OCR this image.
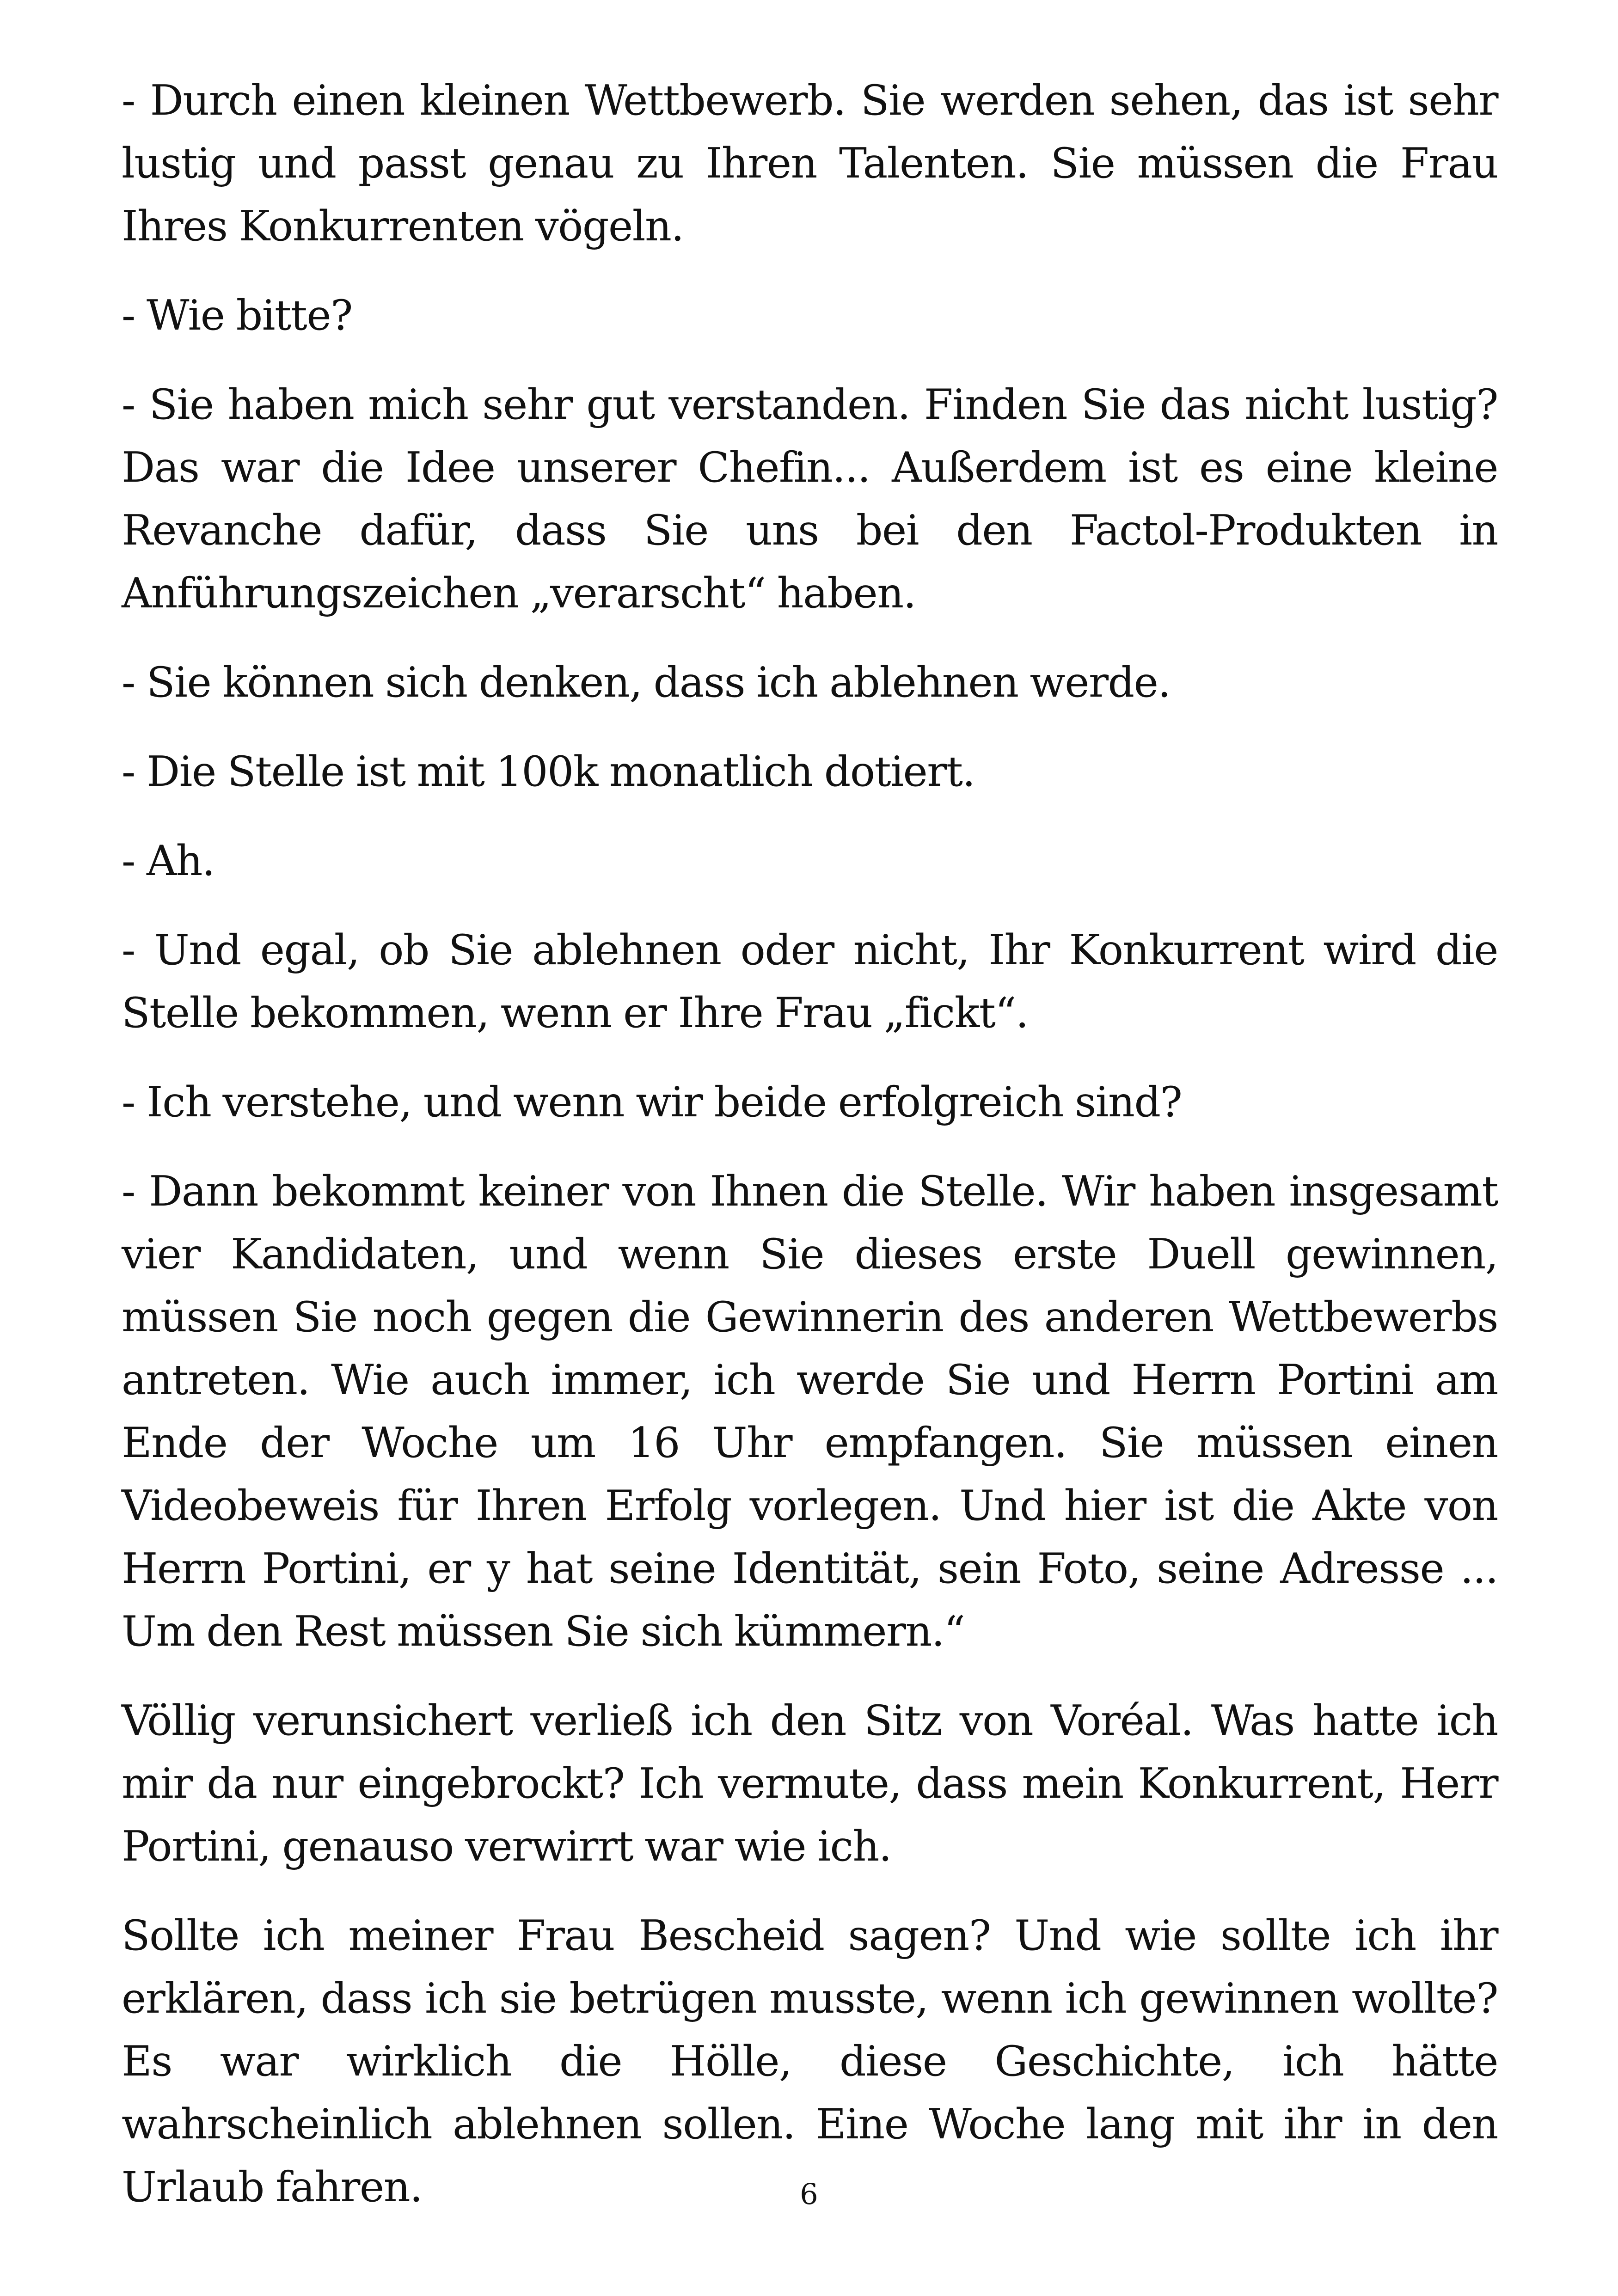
- Durch einen kleinen Wettbewerb. Sie werden sehen, das ist sehr lustig und passt genau zu Ihren Talenten. Sie müssen die Frau Ihres Konkurrenten vögeln.

- Wie bitte?

- Sie haben mich sehr gut verstanden. Finden Sie das nicht lustig? Das war die Idee unserer Chefin... Außerdem ist es eine kleine Revanche dafür, dass Sie uns bei den Factol-Produkten in Anführungszeichen „verarscht“ haben.

- Sie können sich denken, dass ich ablehnen werde.

- Die Stelle ist mit 100k monatlich dotiert.

- Ah.

- Und egal, ob Sie ablehnen oder nicht, Ihr Konkurrent wird die Stelle bekommen, wenn er Ihre Frau „fickt“.

- Ich verstehe, und wenn wir beide erfolgreich sind?

- Dann bekommt keiner von Ihnen die Stelle. Wir haben insgesamt vier Kandidaten, und wenn Sie dieses erste Duell gewinnen, müssen Sie noch gegen die Gewinnerin des anderen Wettbewerbs antreten. Wie auch immer, ich werde Sie und Herrn Portini am Ende der Woche um 16 Uhr empfangen. Sie müssen einen Videobeweis für Ihren Erfolg vorlegen. Und hier ist die Akte von Herrn Portini, er y hat seine Identität, sein Foto, seine Adresse ... Um den Rest müssen Sie sich kümmern.“

Völlig verunsichert verließ ich den Sitz von Voréal. Was hatte ich mir da nur eingebrockt? Ich vermute, dass mein Konkurrent, Herr Portini, genauso verwirrt war wie ich.

Sollte ich meiner Frau Bescheid sagen? Und wie sollte ich ihr erklären, dass ich sie betrügen musste, wenn ich gewinnen wollte? Es war wirklich die Hölle, diese Geschichte, ich hätte wahrscheinlich ablehnen sollen. Eine Woche lang mit ihr in den Urlaub fahren.	6
